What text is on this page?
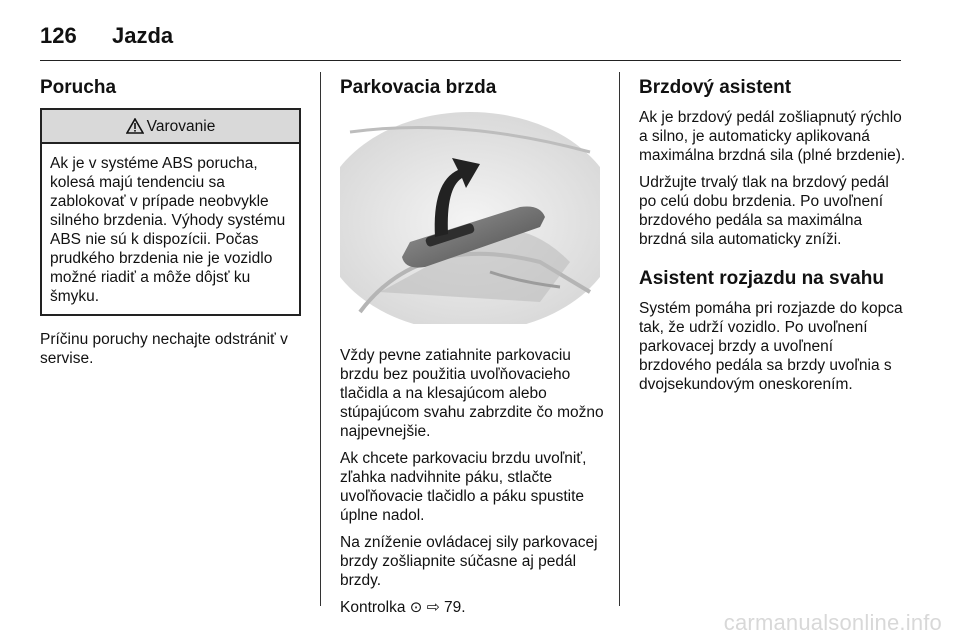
126	Jazda
Porucha
Varovanie
Ak je v systéme ABS porucha, kolesá majú tendenciu sa zablokovať v prípade neobvykle silného brzdenia. Výhody systému ABS nie sú k dispozícii. Počas prudkého brzdenia nie je vozidlo možné riadiť a môže dôjsť ku šmyku.

Príčinu poruchy nechajte odstrániť v servise.

Parkovacia brzda

Vždy pevne zatiahnite parkovaciu brzdu bez použitia uvoľňovacieho tlačidla a na klesajúcom alebo stúpajúcom svahu zabrzdite čo možno najpevnejšie.

Ak chcete parkovaciu brzdu uvoľniť, zľahka nadvihnite páku, stlačte uvoľňovacie tlačidlo a páku spustite úplne nadol.

Na zníženie ovládacej sily parkovacej brzdy zošliapnite súčasne aj pedál brzdy.

Kontrolka ⊙ ⇨ 79.

Brzdový asistent

Ak je brzdový pedál zošliapnutý rýchlo a silno, je automaticky aplikovaná maximálna brzdná sila (plné brzdenie).

Udržujte trvalý tlak na brzdový pedál po celú dobu brzdenia. Po uvoľnení brzdového pedála sa maximálna brzdná sila automaticky zníži.

Asistent rozjazdu na svahu

Systém pomáha pri rozjazde do kopca tak, že udrží vozidlo. Po uvoľnení parkovacej brzdy a uvoľnení brzdového pedála sa brzdy uvoľnia s dvojsekundovým oneskorením.

carmanualsonline.info
